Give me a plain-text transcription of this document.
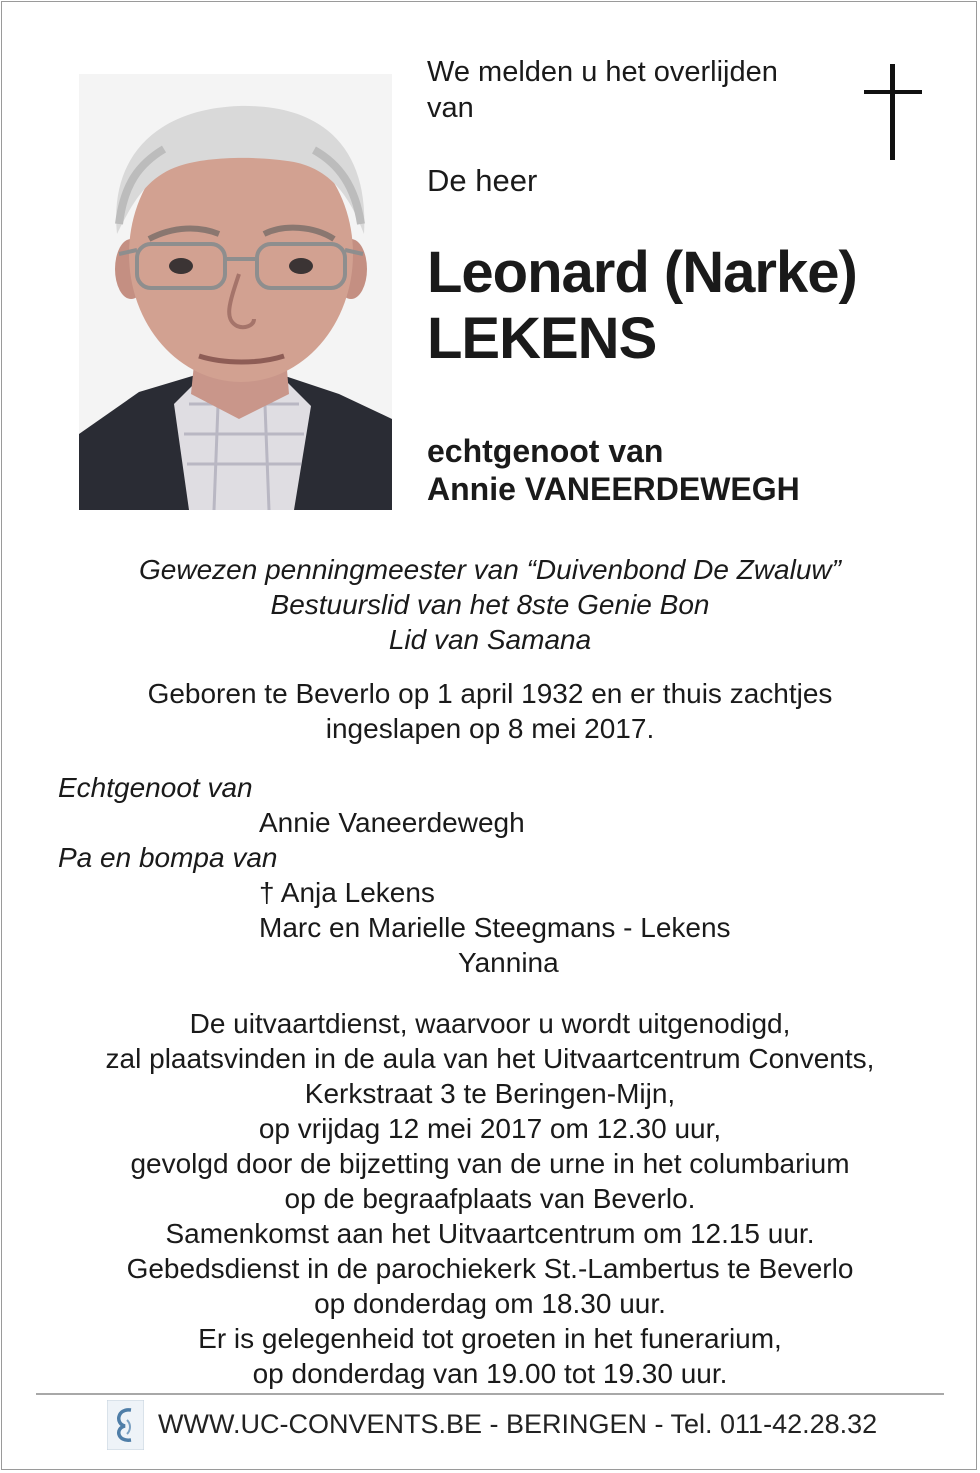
We melden u het overlijden
van
De heer
Leonard (Narke)
LEKENS
echtgenoot van
Annie VANEERDEWEGH
Gewezen penningmeester van “Duivenbond De Zwaluw”
Bestuurslid van het 8ste Genie Bon
Lid van Samana
Geboren te Beverlo op 1 april 1932 en er thuis zachtjes
ingeslapen op 8 mei 2017.
Echtgenoot van
Annie Vaneerdewegh
Pa en bompa van
† Anja Lekens
Marc en Marielle Steegmans - Lekens
Yannina
De uitvaartdienst, waarvoor u wordt uitgenodigd,
zal plaatsvinden in de aula van het Uitvaartcentrum Convents,
Kerkstraat 3 te Beringen-Mijn,
op vrijdag 12 mei 2017 om 12.30 uur,
gevolgd door de bijzetting van de urne in het columbarium
op de begraafplaats van Beverlo.
Samenkomst aan het Uitvaartcentrum om 12.15 uur.
Gebedsdienst in de parochiekerk St.-Lambertus te Beverlo
op donderdag om 18.30 uur.
Er is gelegenheid tot groeten in het funerarium,
op donderdag van 19.00 tot 19.30 uur.
WWW.UC-CONVENTS.BE - BERINGEN - Tel. 011-42.28.32
